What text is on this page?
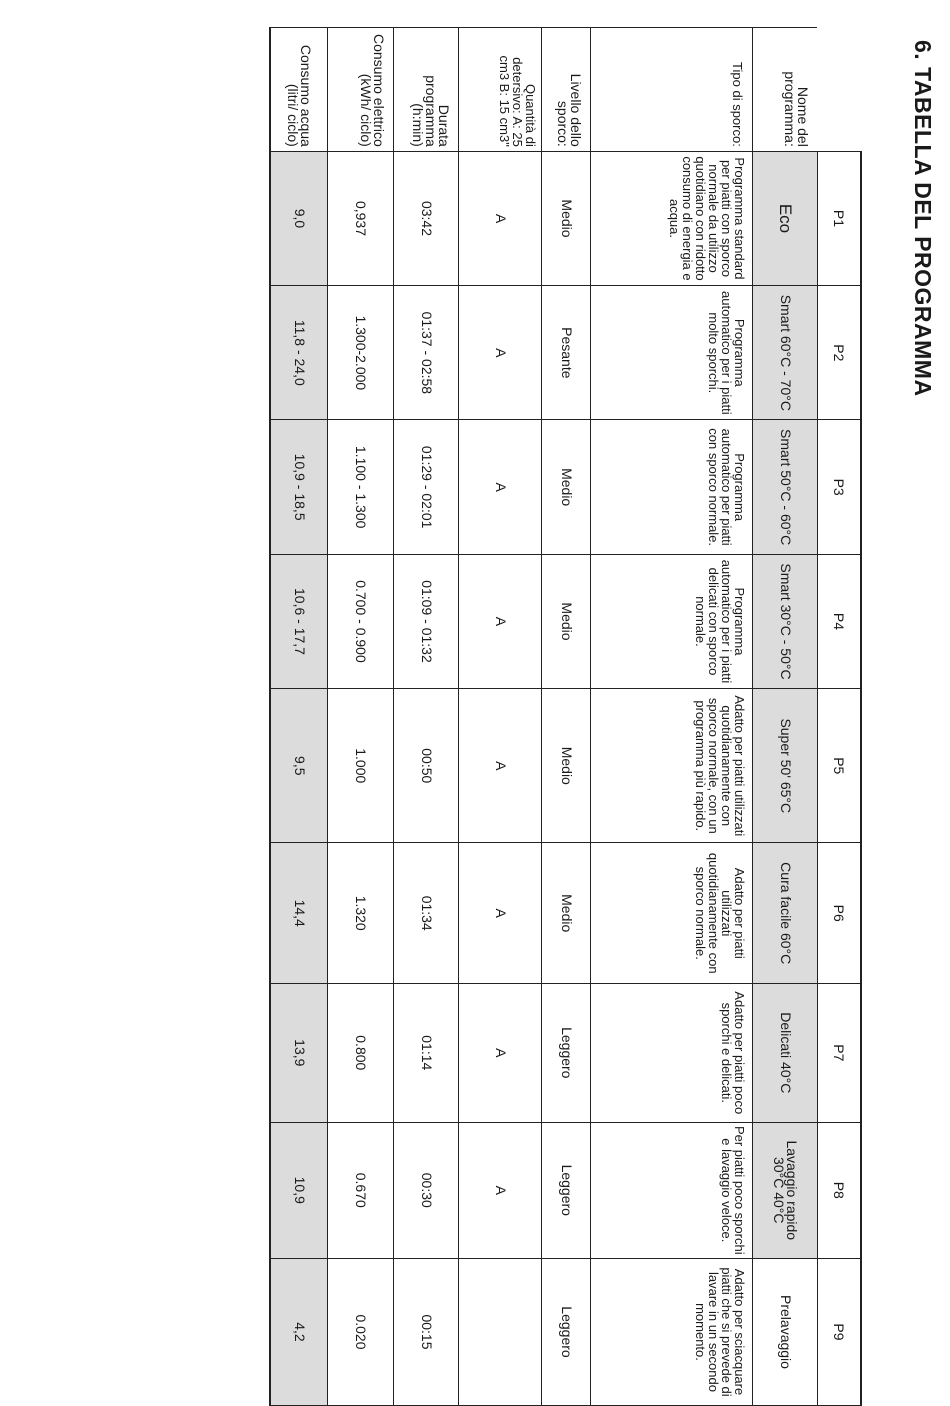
6. TABELLA DEL PROGRAMMA
	P1	P2	P3	P4	P5	P6	P7	P8	P9
Nome del programma:	Eco	Smart 60°C - 70°C	Smart 50°C - 60°C	Smart 30°C - 50°C	Super 50' 65°C	Cura facile 60°C	Delicati 40°C	Lavaggio rapido 30°C 40°C	Prelavaggio
Tipo di sporco:	Programma standard per piatti con sporco normale da utilizzo quotidiano con ridotto consumo di energia e acqua.	Programma automatico per i piatti molto sporchi.	Programma automatico per piatti con sporco normale.	Programma automatico per i piatti delicati con sporco normale.	Adatto per piatti utilizzati quotidianamente con sporco normale, con un programma più rapido.	Adatto per piatti utilizzati quotidianamente con sporco normale.	Adatto per piatti poco sporchi e delicati.	Per piatti poco sporchi e lavaggio veloce.	Adatto per sciacquare piatti che si prevede di lavare in un secondo momento.
Livello dello sporco:	Medio	Pesante	Medio	Medio	Medio	Medio	Leggero	Leggero	Leggero
Quantità di detersivo: A: 25 cm3 B: 15 cm3"	A	A	A	A	A	A	A	A	
Durata programma (h:min)	03:42	01:37 - 02:58	01:29 - 02:01	01:09 - 01:32	00:50	01:34	01:14	00:30	00:15
Consumo elettrico (kWh/ ciclo)	0,937	1.300-2.000	1.100 - 1.300	0.700 - 0.900	1.000	1.320	0.800	0.670	0.020
Consumo acqua (litri/ ciclo)	9,0	11,8 - 24,0	10,9 - 18,5	10,6 - 17,7	9,5	14,4	13,9	10,9	4,2
